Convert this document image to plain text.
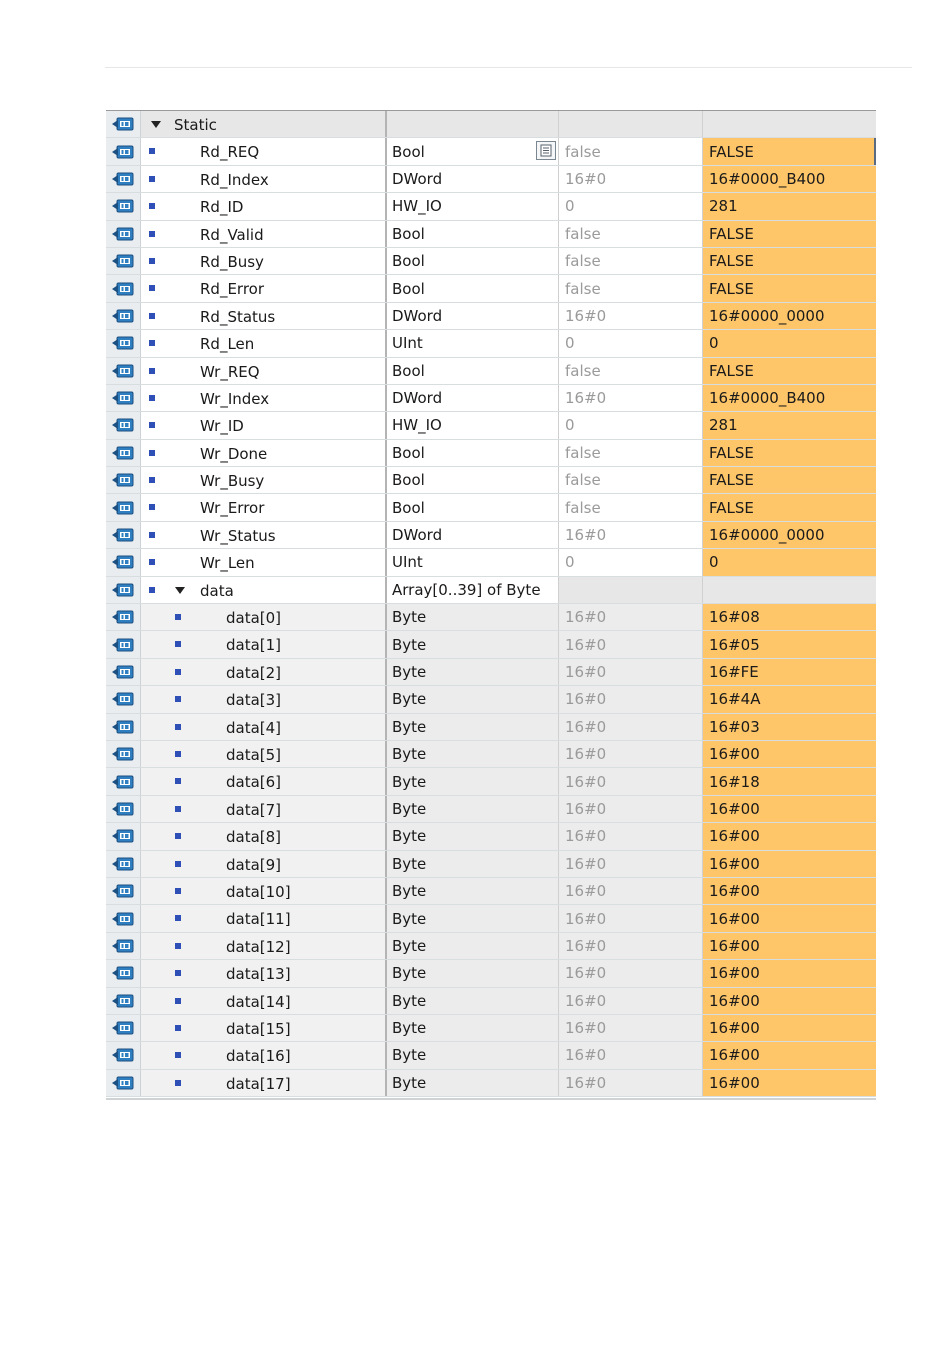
Static
Rd_REQ	Bool	false	FALSE
Rd_Index	DWord	16#0	16#0000_B400
Rd_ID	HW_IO	0	281
Rd_Valid	Bool	false	FALSE
Rd_Busy	Bool	false	FALSE
Rd_Error	Bool	false	FALSE
Rd_Status	DWord	16#0	16#0000_0000
Rd_Len	UInt	0	0
Wr_REQ	Bool	false	FALSE
Wr_Index	DWord	16#0	16#0000_B400
Wr_ID	HW_IO	0	281
Wr_Done	Bool	false	FALSE
Wr_Busy	Bool	false	FALSE
Wr_Error	Bool	false	FALSE
Wr_Status	DWord	16#0	16#0000_0000
Wr_Len	UInt	0	0
data	Array[0..39] of Byte
data[0]	Byte	16#0	16#08
data[1]	Byte	16#0	16#05
data[2]	Byte	16#0	16#FE
data[3]	Byte	16#0	16#4A
data[4]	Byte	16#0	16#03
data[5]	Byte	16#0	16#00
data[6]	Byte	16#0	16#18
data[7]	Byte	16#0	16#00
data[8]	Byte	16#0	16#00
data[9]	Byte	16#0	16#00
data[10]	Byte	16#0	16#00
data[11]	Byte	16#0	16#00
data[12]	Byte	16#0	16#00
data[13]	Byte	16#0	16#00
data[14]	Byte	16#0	16#00
data[15]	Byte	16#0	16#00
data[16]	Byte	16#0	16#00
data[17]	Byte	16#0	16#00
